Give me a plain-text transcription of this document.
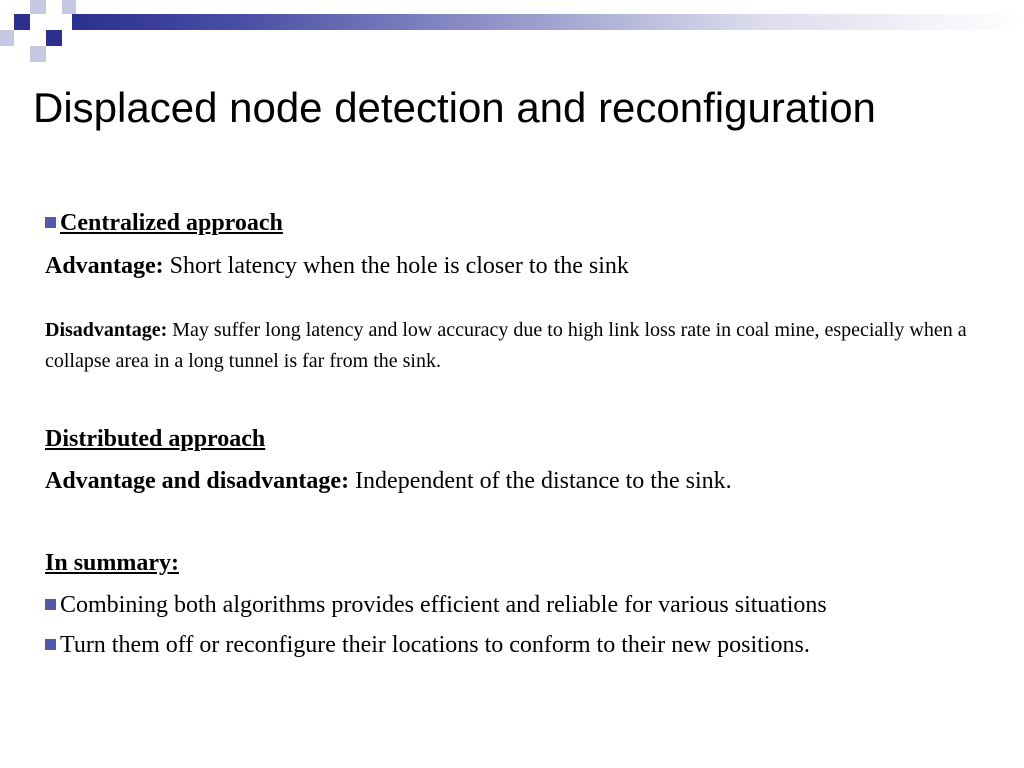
Displaced node detection and reconfiguration
Centralized approach
Advantage: Short latency when the hole is closer to the sink
Disadvantage: May suffer long latency and low accuracy due to high link loss rate in coal mine, especially when a collapse area in a long tunnel is far from the sink.
Distributed approach
Advantage and disadvantage: Independent of the distance to the sink.
In summary:
Combining both algorithms provides efficient and reliable for various situations
Turn them off or reconfigure their locations to conform to their new positions.
